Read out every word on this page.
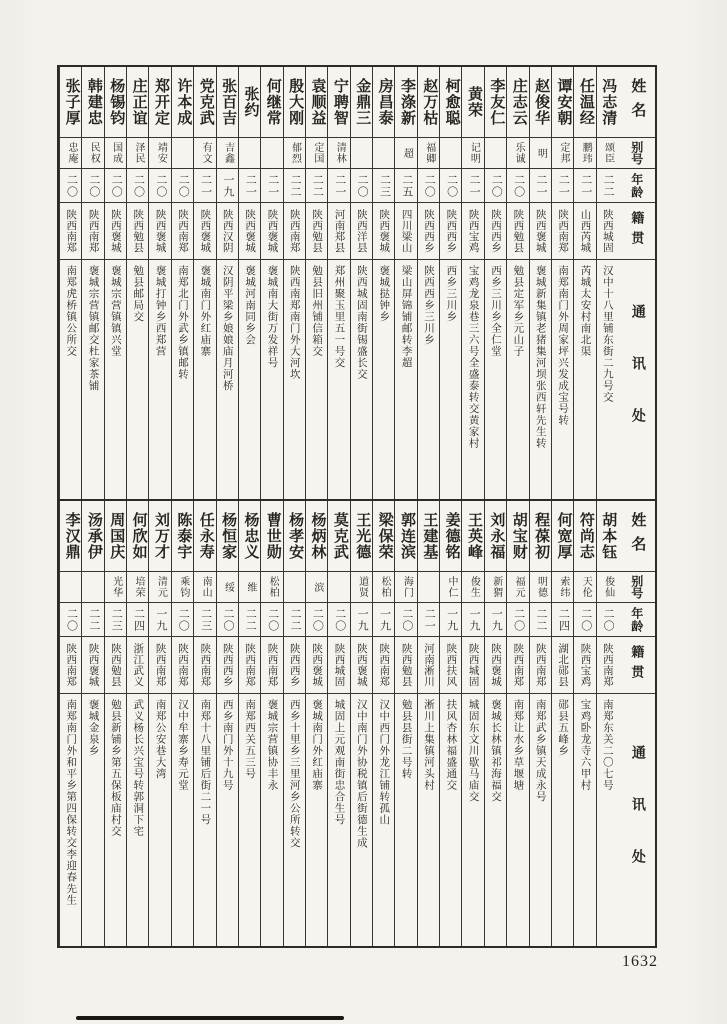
姓名
别号
年龄
籍贯
通讯处
冯志清
颂臣
二二
陕西城固
汉中十八里铺东街二九号交
任温经
鹏玮
二一
山西芮城
芮城太安村南北渠
谭安朝
定邦
二一
陕西南郑
南郑南门外周家坪兴发成宝号转
赵俊华
明
二一
陕西褒城
褒城新集镇老猪集河坝张西轩先生转
庄志云
乐诚
二〇
陕西勉县
勉县定军乡元山子
李友仁
二〇
陕西西乡
西乡三川乡全仁堂
黄荣
记明
二一
陕西宝鸡
宝鸡龙泉巷三六号全盛泰转交黄家村
柯愈聪
二〇
陕西西乡
西乡三川乡
赵万枯
福卿
二〇
陕西西乡
陕西西乡三川乡
李涤新
超
二五
四川梁山
梁山屏锦铺邮转李超
房昌泰
二三
陕西褒城
褒城挞钟乡
金鼎三
二〇
陕西洋县
陕西城固南街锡盛长交
宁聘智
清林
二一
河南郑县
郑州聚玉里五一号交
袁顺益
定国
二二
陕西勉县
勉县旧州铺信箱交
殷大刚
郁烈
二二
陕西南郑
陕西南郑南门外大河坎
何继常
二一
陕西褒城
褒城南大街万发祥号
张约
二一
陕西褒城
褒城河南同乡会
张百吉
吉鑫
一九
陕西汉阴
汉阴平梁乡娘娘庙月河桥
党克武
有文
二一
陕西褒城
褒城南门外红庙寨
许本成
二〇
陕西南郑
南郑北门外武乡镇邮转
郑开定
靖安
二〇
陕西褒城
褒城打钟乡西郑营
庄正谊
泽民
二〇
陕西勉县
勉县邮局交
杨锡钧
国成
二〇
陕西褒城
褒城宗营镇镇兴堂
韩建忠
民权
二〇
陕西南郑
褒城宗营镇邮交杜家茶铺
张子厚
忠庵
二〇
陕西南郑
南郑虎桥镇公所交
姓名
别号
年龄
籍贯
通讯处
胡本钰
俊仙
二〇
陕西南郑
南郑东关二〇七号
符尚志
天伦
二〇
陕西宝鸡
宝鸡卧龙寺六甲村
何宽厚
索纬
二四
湖北郧县
郧县五峰乡
程葆初
明德
二二
陕西南郑
南郑武乡镇天成永号
胡宝财
福元
二〇
陕西南郑
南郑让水乡草堰塘
刘永福
新猬
一九
陕西褒城
褒城长林镇祁海福交
王英峰
俊生
一九
陕西城固
城固东文川歇马庙交
姜德铭
中仁
一九
陕西扶风
扶风杏林福盛通交
王建基
二一
河南淅川
淅川上集镇河头村
郭连滨
海门
二〇
陕西勉县
勉县县街二号转
梁保荣
松柏
一九
陕西南郑
汉中西门外龙江铺转孤山
王光德
道贤
一九
陕西褒城
汉中南门外协税镇后街德生成
莫克武
二〇
陕西城固
城固上元观南街忠合生号
杨炳林
滨
二〇
陕西褒城
褒城南门外红庙寨
杨孝安
二二
陕西西乡
西乡十里乡三里河乡公所转交
曹世勋
松柏
二〇
陕西南郑
褒城宗营镇协丰永
杨忠义
维
二二
陕西南郑
南郑西关五三号
杨恒家
绥
二〇
陕西西乡
西乡南门外十九号
任永寿
南山
二三
陕西南郑
南郑十八里铺后街二一号
陈泰宇
乘钧
二〇
陕西南郑
汉中牟寨乡寿元堂
刘万才
清元
一九
陕西南郑
南郑公安巷大湾
何欣如
培荣
二四
浙江武义
武义杨长兴宝号转郭洞下宅
周国庆
光华
二三
陕西勉县
勉县新铺乡第五保板庙村交
汤承伊
二二
陕西褒城
褒城金泉乡
李汉鼎
二〇
陕西南郑
南郑南门外和平乡第四保转交李迎春先生
1632
